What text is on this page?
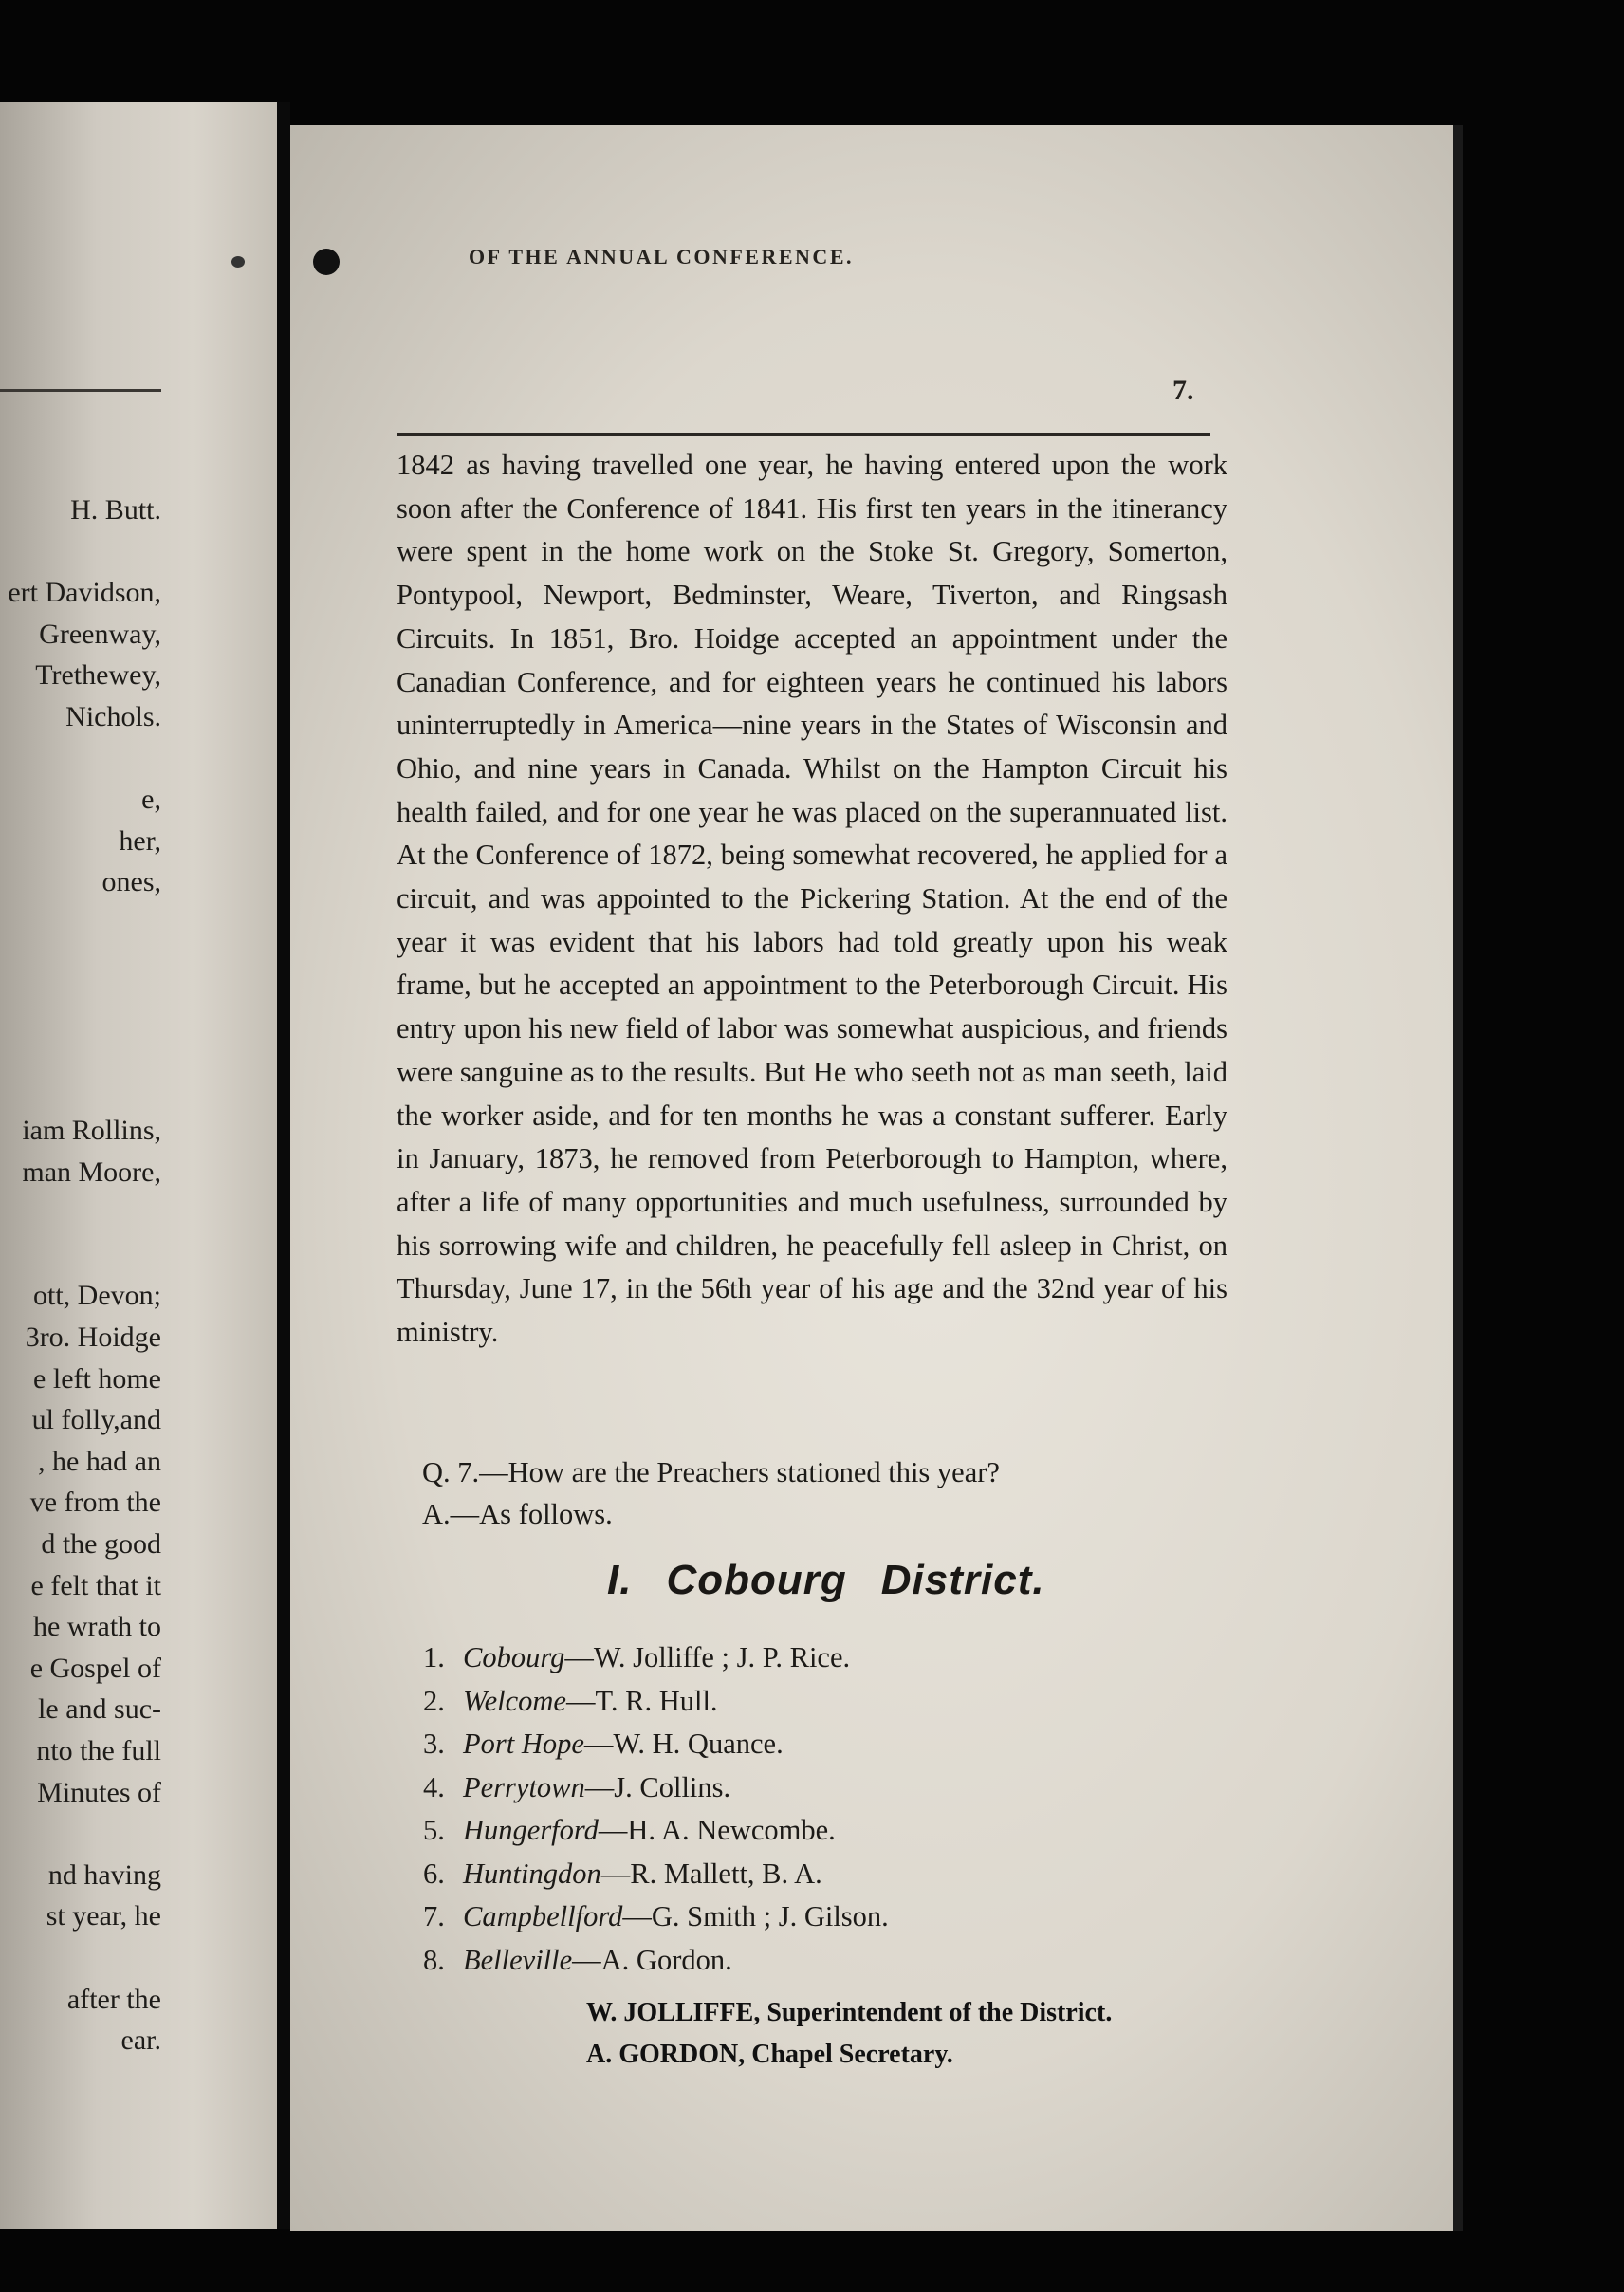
H. Butt.
ert Davidson,
Greenway,
Trethewey,
Nichols.
e,
her,
ones,
iam Rollins,
man Moore,
ott, Devon;
3ro. Hoidge
e left home
ul folly,and
, he had an
ve from the
d the good
e felt that it
he wrath to
e Gospel of
le and suc-
nto the full
Minutes of
nd having
st year, he
after the
ear.
OF THE ANNUAL CONFERENCE.
7.

1842 as having travelled one year, he having entered upon the work soon after the Conference of 1841. His first ten years in the itinerancy were spent in the home work on the Stoke St. Gregory, Somerton, Pontypool, Newport, Bedminster, Weare, Tiverton, and Ringsash Circuits. In 1851, Bro. Hoidge accepted an appointment under the Canadian Conference, and for eighteen years he continued his labors uninterruptedly in America—nine years in the States of Wisconsin and Ohio, and nine years in Canada. Whilst on the Hampton Circuit his health failed, and for one year he was placed on the superannuated list. At the Conference of 1872, being somewhat recovered, he applied for a circuit, and was appointed to the Pickering Station. At the end of the year it was evident that his labors had told greatly upon his weak frame, but he accepted an appointment to the Peterborough Circuit. His entry upon his new field of labor was somewhat auspicious, and friends were sanguine as to the results. But He who seeth not as man seeth, laid the worker aside, and for ten months he was a constant sufferer. Early in January, 1873, he removed from Peterborough to Hampton, where, after a life of many opportunities and much usefulness, surrounded by his sorrowing wife and children, he peacefully fell asleep in Christ, on Thursday, June 17, in the 56th year of his age and the 32nd year of his ministry.

Q. 7.—How are the Preachers stationed this year?
A.—As follows.
I. Cobourg District.
1. Cobourg—W. Jolliffe ; J. P. Rice.
2. Welcome—T. R. Hull.
3. Port Hope—W. H. Quance.
4. Perrytown—J. Collins.
5. Hungerford—H. A. Newcombe.
6. Huntingdon—R. Mallett, B. A.
7. Campbellford—G. Smith ; J. Gilson.
8. Belleville—A. Gordon.
W. JOLLIFFE, Superintendent of the District.
A. GORDON, Chapel Secretary.
